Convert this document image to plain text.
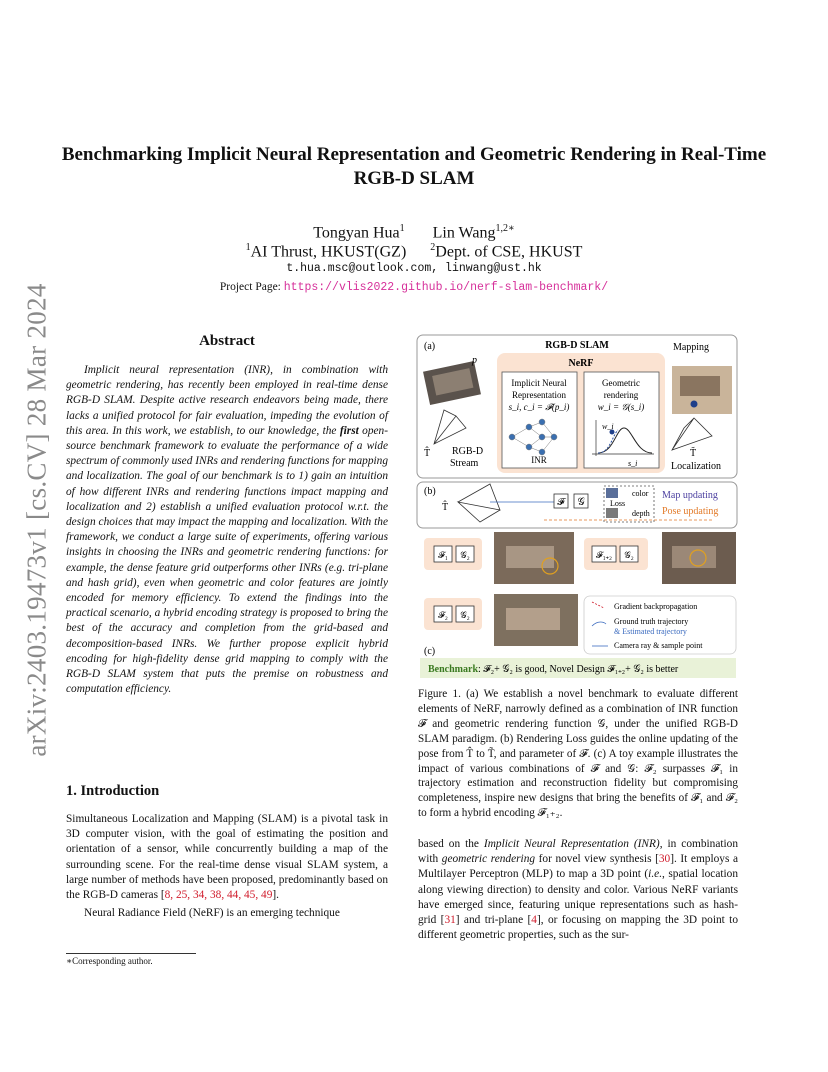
arXiv:2403.19473v1 [cs.CV] 28 Mar 2024
Benchmarking Implicit Neural Representation and Geometric Rendering in Real-Time RGB-D SLAM
Tongyan Hua$^1$ Lin Wang$^{1,2∗}$
$^1$AI Thrust, HKUST(GZ) $^2$Dept. of CSE, HKUST
t.hua.msc@outlook.com, linwang@ust.hk
Project Page: https://vlis2022.github.io/nerf-slam-benchmark/
Abstract
Implicit neural representation (INR), in combination with geometric rendering, has recently been employed in real-time dense RGB-D SLAM. Despite active research endeavors being made, there lacks a unified protocol for fair evaluation, impeding the evolution of this area. In this work, we establish, to our knowledge, the first open-source benchmark framework to evaluate the performance of a wide spectrum of commonly used INRs and rendering functions for mapping and localization. The goal of our benchmark is to 1) gain an intuition of how different INRs and rendering functions impact mapping and localization and 2) establish a unified evaluation protocol w.r.t. the design choices that may impact the mapping and localization. With the framework, we conduct a large suite of experiments, offering various insights in choosing the INRs and geometric rendering functions: for example, the dense feature grid outperforms other INRs (e.g. tri-plane and hash grid), even when geometric and color features are jointly encoded for memory efficiency. To extend the findings into the practical scenario, a hybrid encoding strategy is proposed to bring the best of the accuracy and completion from the grid-based and decomposition-based INRs. We further propose explicit hybrid encoding for high-fidelity dense grid mapping to comply with the RGB-D SLAM system that puts the premise on robustness and computation efficiency.
1. Introduction

Simultaneous Localization and Mapping (SLAM) is a pivotal task in 3D computer vision, with the goal of estimating the position and orientation of a sensor, while concurrently building a map of the surrounding scene. For the real-time dense visual SLAM system, a large number of methods have been proposed, predominantly based on the RGB-D cameras [8, 25, 34, 38, 44, 45, 49].

Neural Radiance Field (NeRF) is an emerging technique

∗Corresponding author.
(a)	RGB-D SLAM	Mapping
NeRF
Implicit Neural
Representation
s_i, c_i = 𝓕(p_i)
INR
Geometric
rendering
w_i = 𝒢(s_i)
w_i
s_i
p
T̂ RGB-D
Stream
T̃
Localization
(b)
T̂	𝓕 𝒢
color
depth
Loss
Map updating
Pose updating
(c)
𝓕₁ 𝒢₂	𝓕₁₊₂ 𝒢₂
𝓕₂ 𝒢₂
Gradient backpropagation
Ground truth trajectory
& Estimated trajectory
Camera ray & sample point
Benchmark: 𝓕₂+ 𝒢₂ is good, Novel Design 𝓕₁₊₂+ 𝒢₂ is better
Figure 1. (a) We establish a novel benchmark to evaluate different elements of NeRF, narrowly defined as a combination of INR function 𝓕 and geometric rendering function 𝒢, under the unified RGB-D SLAM paradigm. (b) Rendering Loss guides the online updating of the pose from T̂ to T̃, and parameter of 𝓕. (c) A toy example illustrates the impact of various combinations of 𝓕 and 𝒢: 𝓕₂ surpasses 𝓕₁ in trajectory estimation and reconstruction fidelity but compromising completeness, inspire new designs that bring the benefits of 𝓕₁ and 𝓕₂ to form a hybrid encoding 𝓕₁₊₂.
based on the Implicit Neural Representation (INR), in combination with geometric rendering for novel view synthesis [30]. It employs a Multilayer Perceptron (MLP) to map a 3D point (i.e., spatial location along viewing direction) to density and color. Various NeRF variants have emerged since, featuring unique representations such as hash-grid [31] and tri-plane [4], or focusing on mapping the 3D point to different geometric properties, such as the sur-
